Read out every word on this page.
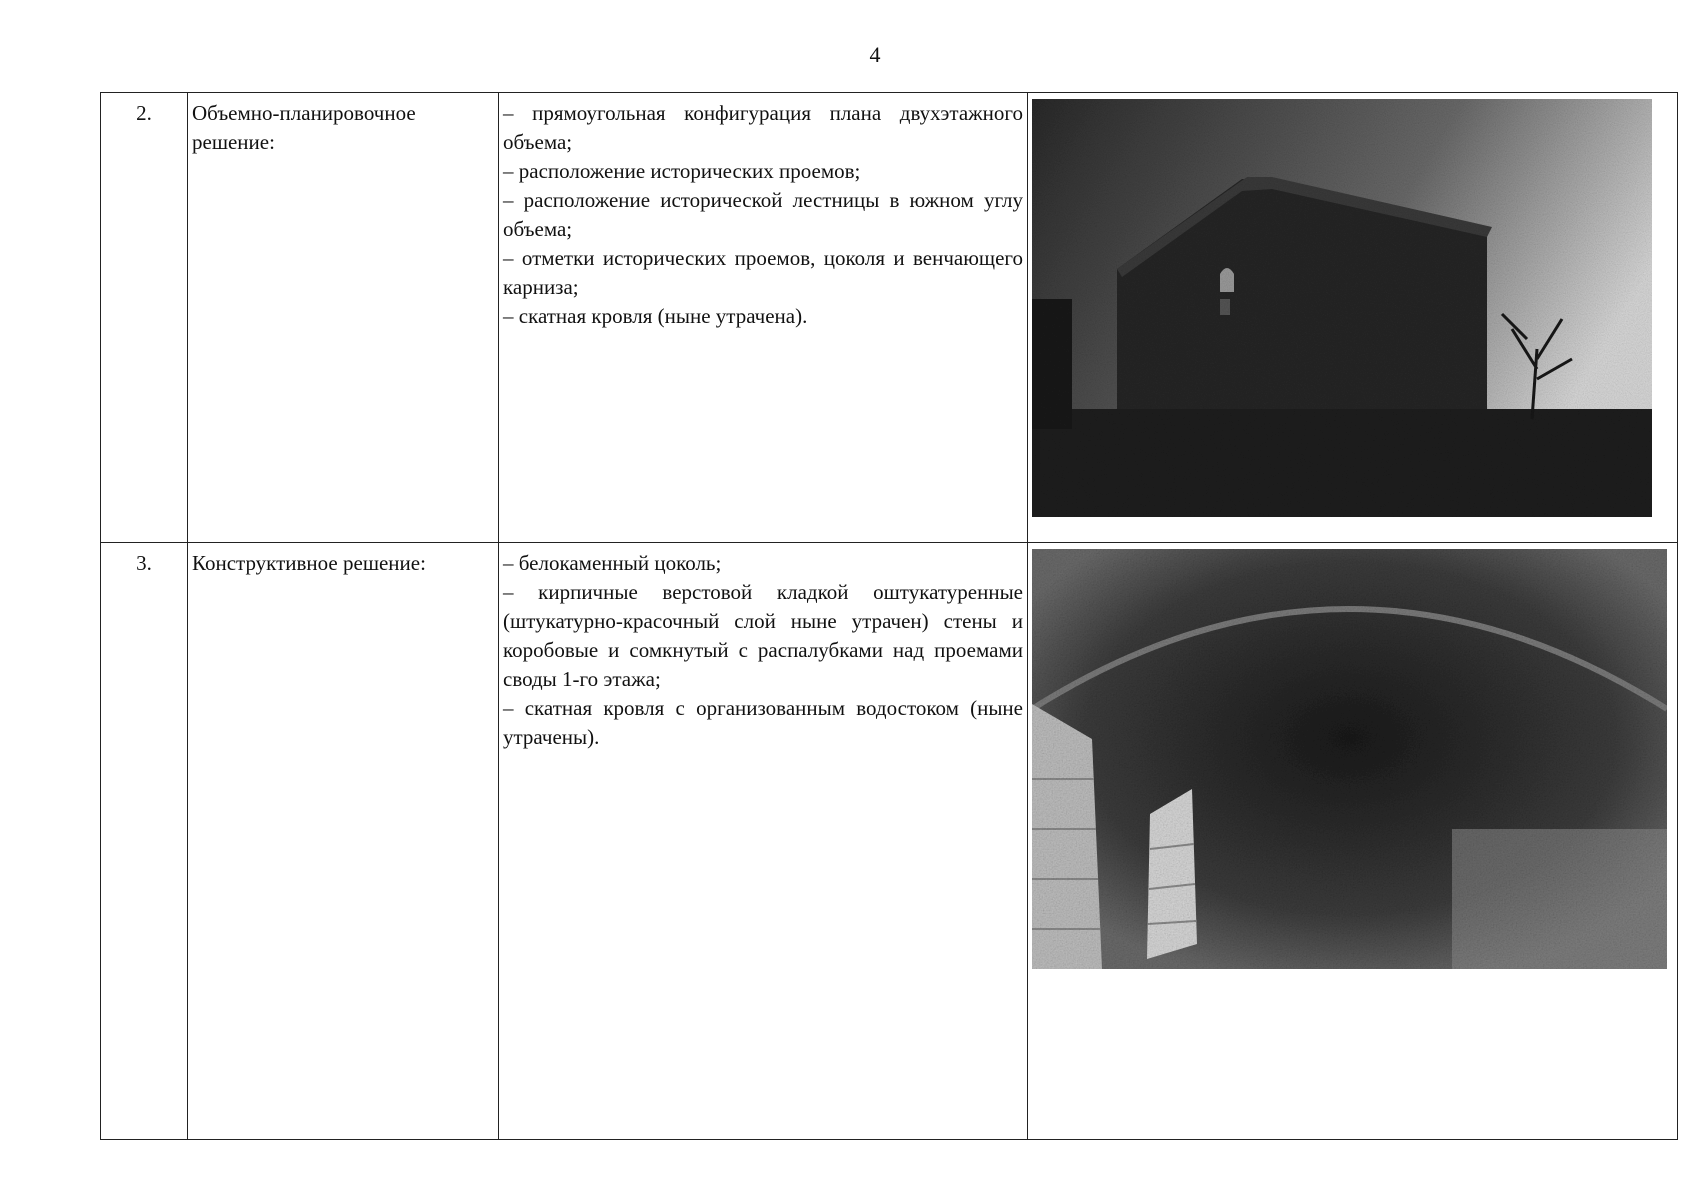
4
2.	Объемно-планировочное решение:	– прямоугольная конфигурация плана двухэтажного объема;
– расположение исторических проемов;
– расположение исторической лестницы в южном углу объема;
– отметки исторических проемов, цоколя и венчающего карниза;
– скатная кровля (ныне утрачена).

3.	Конструктивное решение:	– белокаменный цоколь;
– кирпичные верстовой кладкой оштукатуренные (штукатурно-красочный слой ныне утрачен) стены и коробовые и сомкнутый с распалубками над проемами своды 1-го этажа;
– скатная кровля с организованным водостоком (ныне утрачены).
